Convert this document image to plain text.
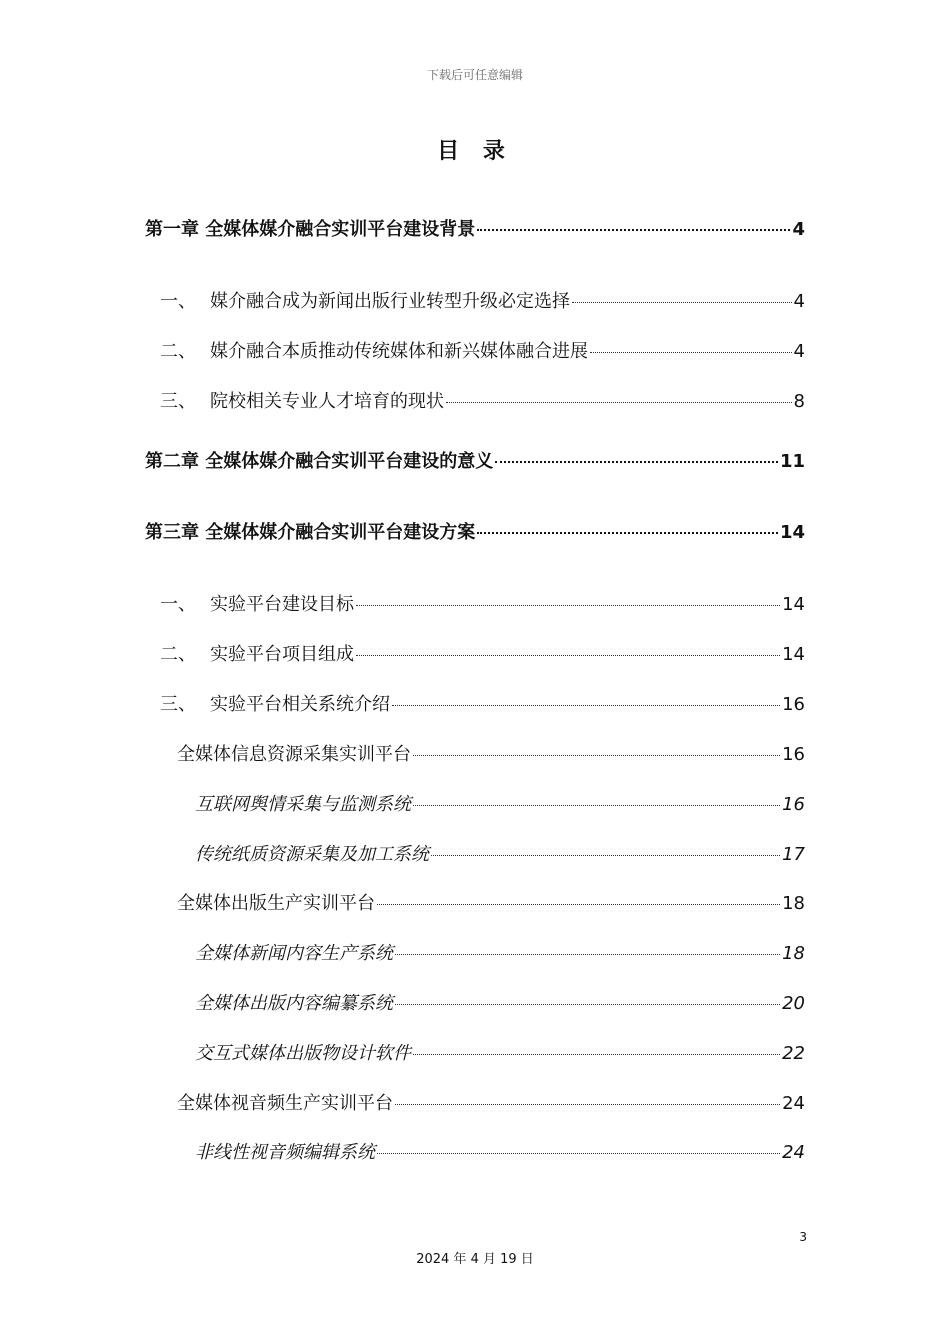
下载后可任意编辑
目 录
第一章 全媒体媒介融合实训平台建设背景	4
一、 媒介融合成为新闻出版行业转型升级必定选择	4
二、 媒介融合本质推动传统媒体和新兴媒体融合进展	4
三、 院校相关专业人才培育的现状	8
第二章 全媒体媒介融合实训平台建设的意义	11
第三章 全媒体媒介融合实训平台建设方案	14
一、 实验平台建设目标	14
二、 实验平台项目组成	14
三、 实验平台相关系统介绍	16
全媒体信息资源采集实训平台	16
互联网舆情采集与监测系统	16
传统纸质资源采集及加工系统	17
全媒体出版生产实训平台	18
全媒体新闻内容生产系统	18
全媒体出版内容编纂系统	20
交互式媒体出版物设计软件	22
全媒体视音频生产实训平台	24
非线性视音频编辑系统	24
3
2024 年 4 月 19 日
